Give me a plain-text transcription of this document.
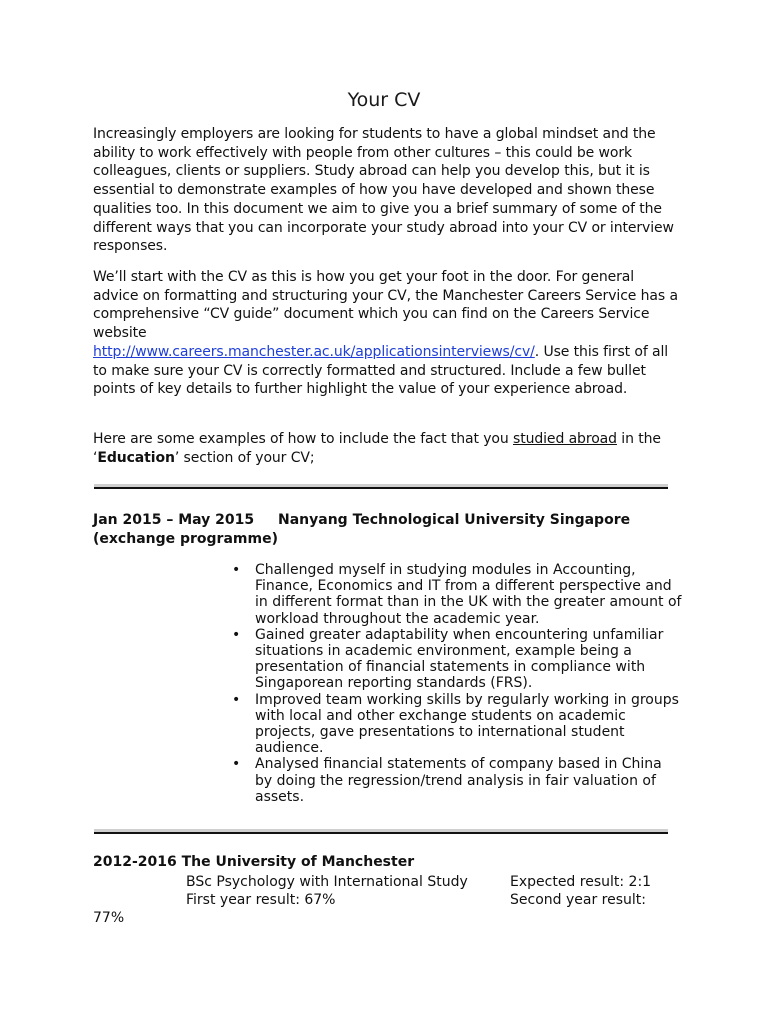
Your CV

Increasingly employers are looking for students to have a global mindset and the ability to work effectively with people from other cultures – this could be work colleagues, clients or suppliers. Study abroad can help you develop this, but it is essential to demonstrate examples of how you have developed and shown these qualities too. In this document we aim to give you a brief summary of some of the different ways that you can incorporate your study abroad into your CV or interview responses.

We’ll start with the CV as this is how you get your foot in the door. For general advice on formatting and structuring your CV, the Manchester Careers Service has a comprehensive “CV guide” document which you can find on the Careers Service website
http://www.careers.manchester.ac.uk/applicationsinterviews/cv/. Use this first of all to make sure your CV is correctly formatted and structured. Include a few bullet points of key details to further highlight the value of your experience abroad.

Here are some examples of how to include the fact that you studied abroad in the ‘Education’ section of your CV;

Jan 2015 – May 2015 Nanyang Technological University Singapore
(exchange programme)
• Challenged myself in studying modules in Accounting, Finance, Economics and IT from a different perspective and in different format than in the UK with the greater amount of workload throughout the academic year.
• Gained greater adaptability when encountering unfamiliar situations in academic environment, example being a presentation of financial statements in compliance with Singaporean reporting standards (FRS).
• Improved team working skills by regularly working in groups with local and other exchange students on academic projects, gave presentations to international student audience.
• Analysed financial statements of company based in China by doing the regression/trend analysis in fair valuation of assets.
2012-2016 The University of Manchester
BSc Psychology with International Study	Expected result: 2:1
First year result: 67%	Second year result:
77%
